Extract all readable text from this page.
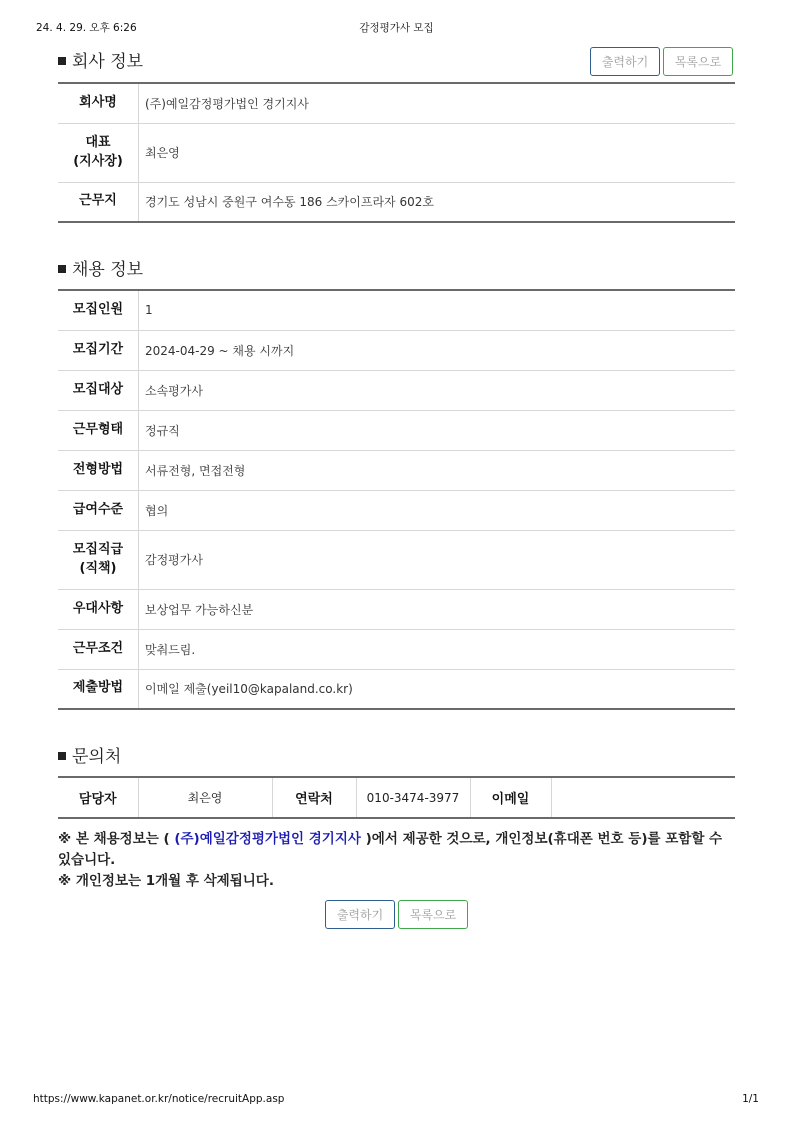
24. 4. 29. 오후 6:26	감정평가사 모집
회사 정보	출력하기	목록으로
회사명	(주)예일감정평가법인 경기지사
대표
(지사장)	최은영
근무지	경기도 성남시 중원구 여수동 186 스카이프라자 602호
채용 정보
모집인원	1
모집기간	2024-04-29 ~ 채용 시까지
모집대상	소속평가사
근무형태	정규직
전형방법	서류전형, 면접전형
급여수준	협의
모집직급
(직책)	감정평가사
우대사항	보상업무 가능하신분
근무조건	맞춰드림.
제출방법	이메일 제출(yeil10@kapaland.co.kr)
문의처
담당자	최은영	연락처	010-3474-3977	이메일	
※ 본 채용정보는 ( (주)예일감정평가법인 경기지사 )에서 제공한 것으로, 개인정보(휴대폰 번호 등)를 포함할 수 있습니다.
※ 개인정보는 1개월 후 삭제됩니다.
출력하기	목록으로
https://www.kapanet.or.kr/notice/recruitApp.asp	1/1
